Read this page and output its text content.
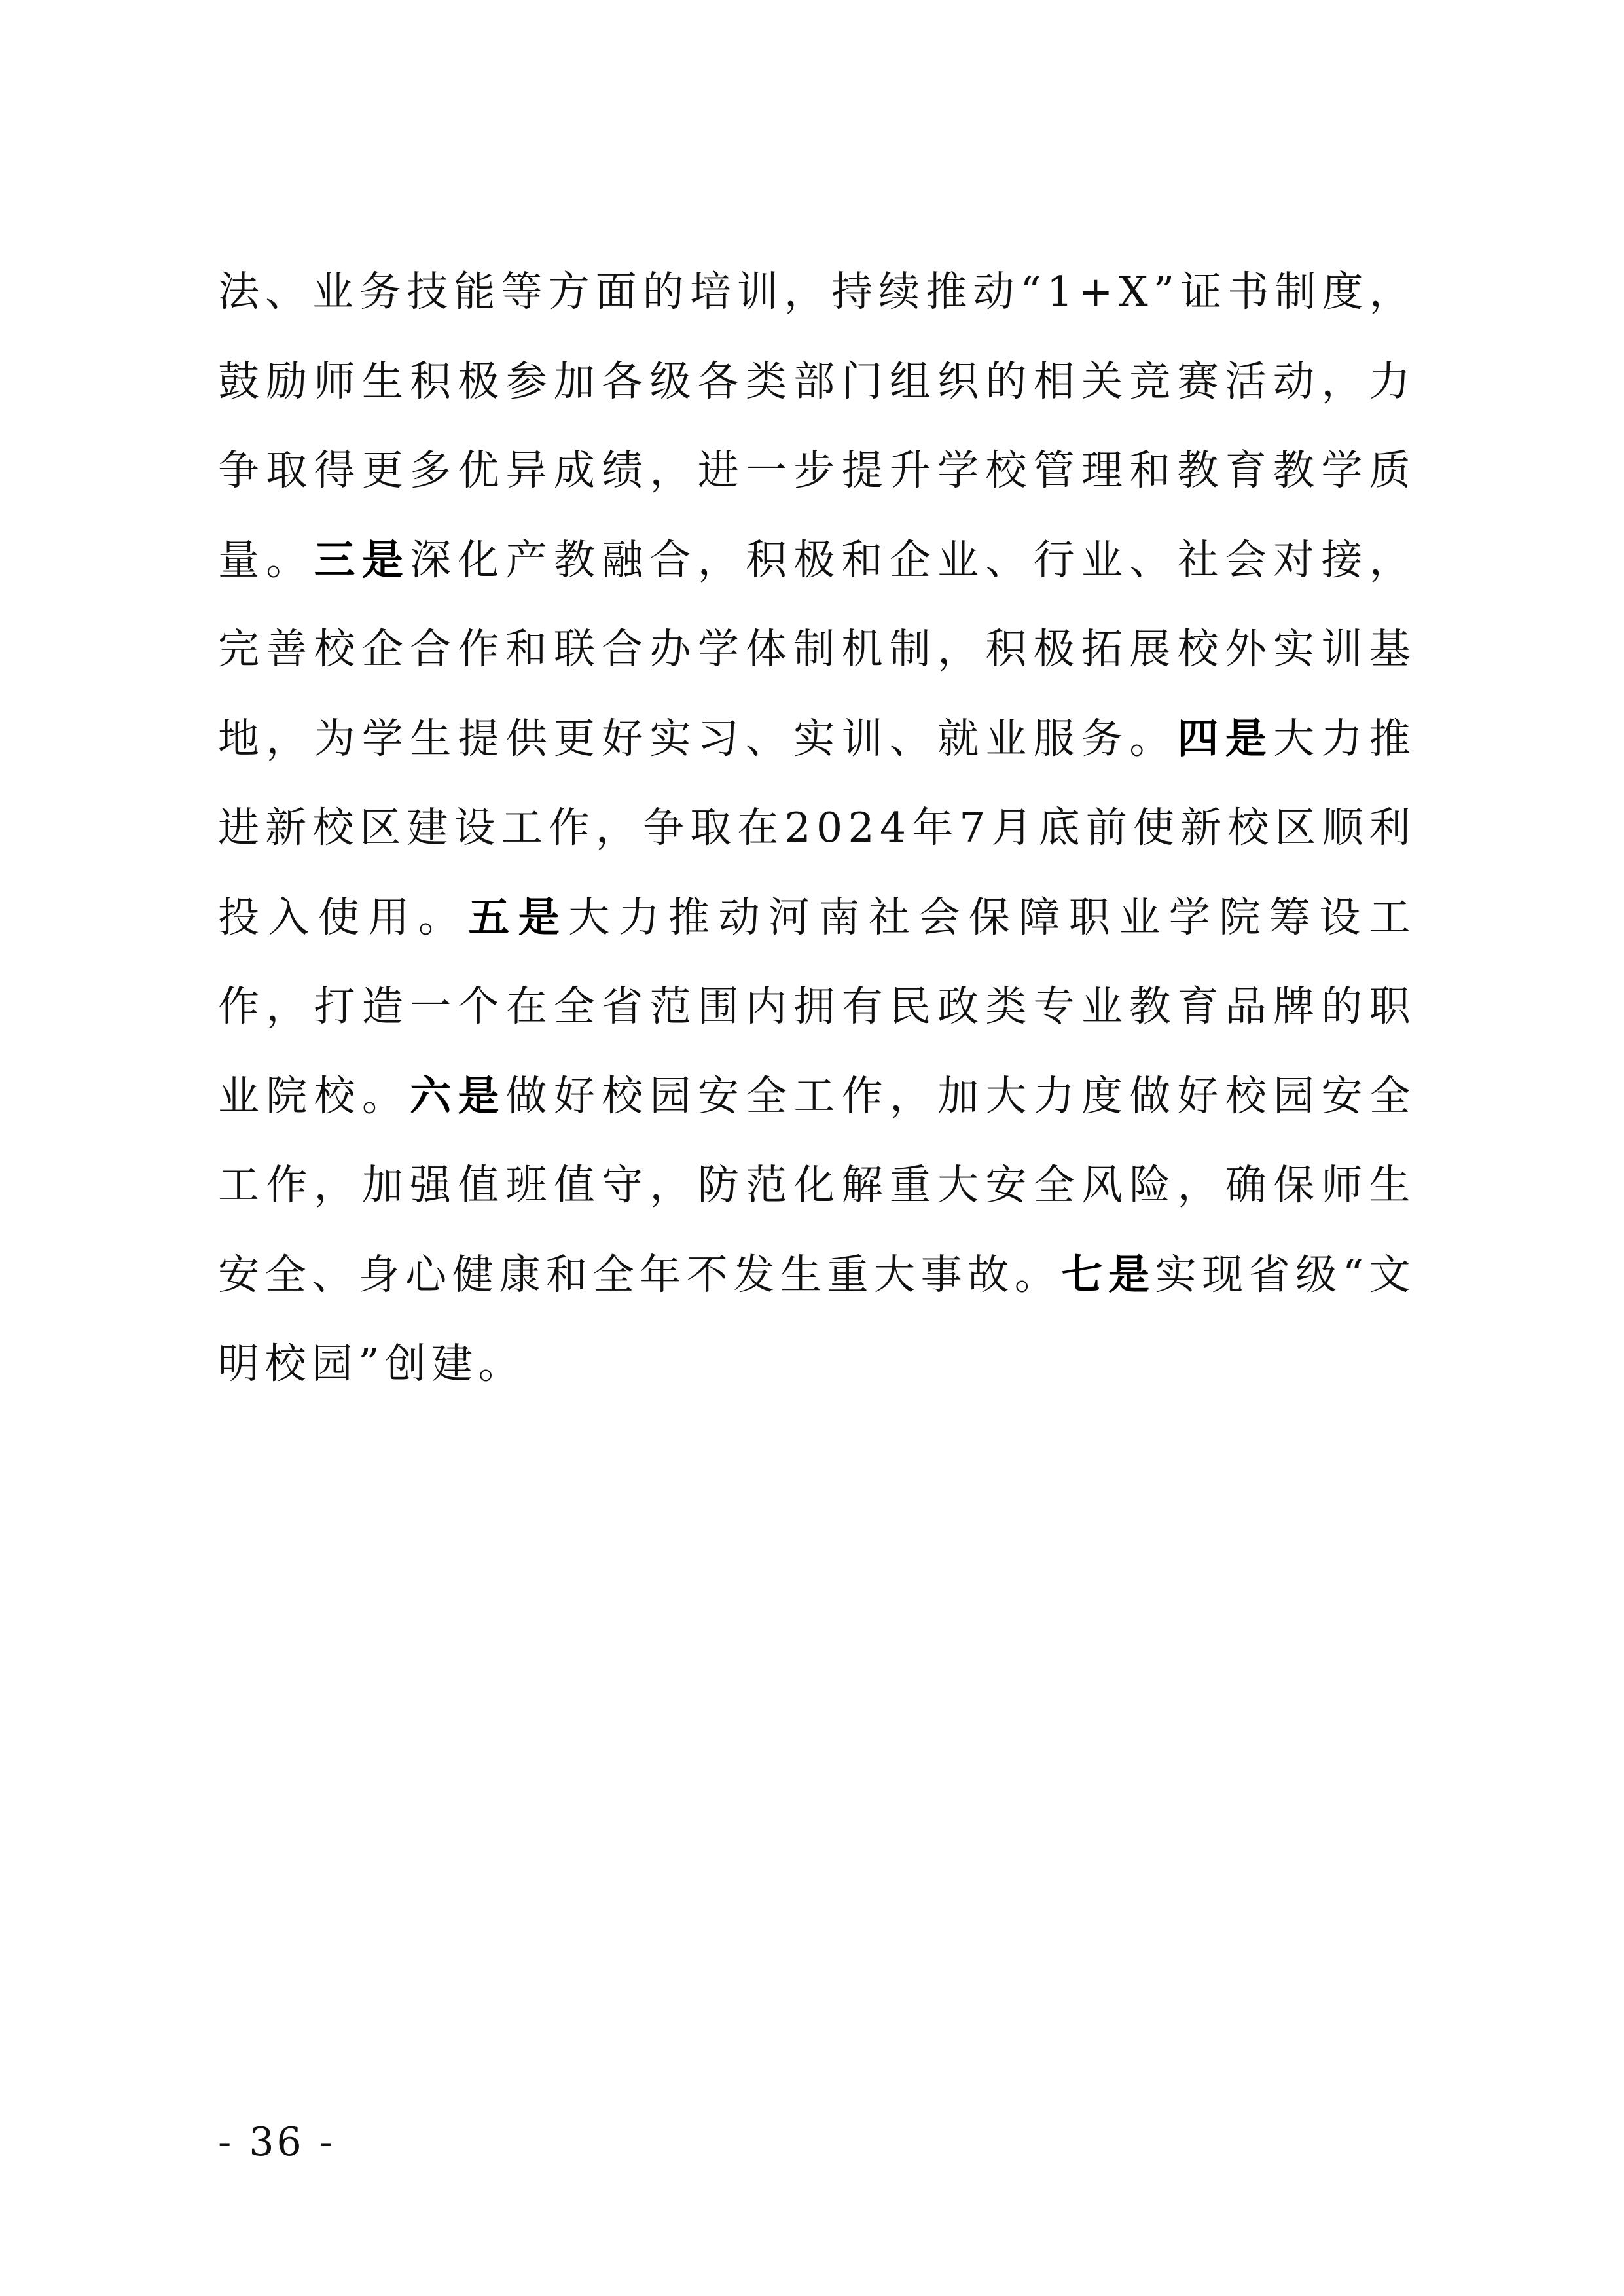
法、业务技能等方面的培训，持续推动“1+X”证书制度，鼓励师生积极参加各级各类部门组织的相关竞赛活动，力争取得更多优异成绩，进一步提升学校管理和教育教学质量。三是深化产教融合，积极和企业、行业、社会对接，完善校企合作和联合办学体制机制，积极拓展校外实训基地，为学生提供更好实习、实训、就业服务。四是大力推进新校区建设工作，争取在2024年7月底前使新校区顺利投入使用。五是大力推动河南社会保障职业学院筹设工作，打造一个在全省范围内拥有民政类专业教育品牌的职业院校。六是做好校园安全工作，加大力度做好校园安全工作，加强值班值守，防范化解重大安全风险，确保师生安全、身心健康和全年不发生重大事故。七是实现省级“文明校园”创建。

- 36 -
